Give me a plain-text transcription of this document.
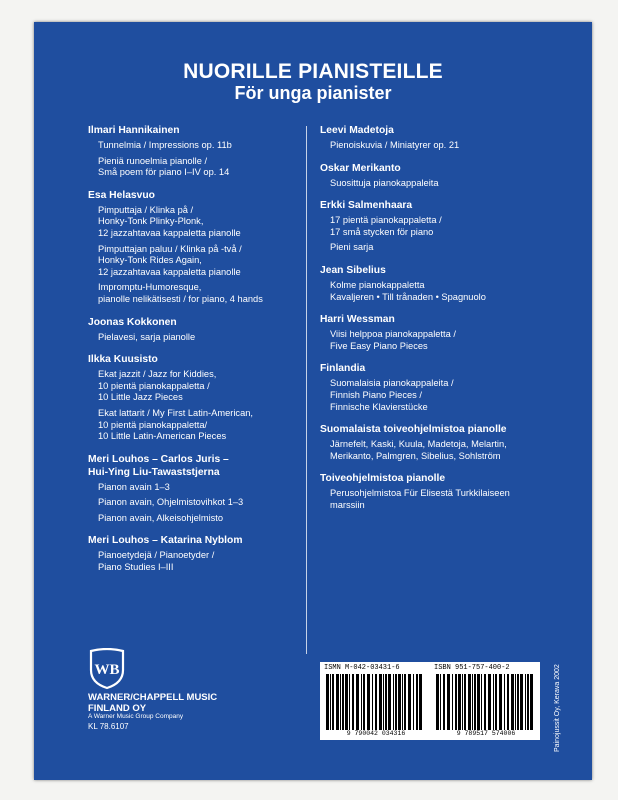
NUORILLE PIANISTEILLE
För unga pianister
Ilmari Hannikainen
Tunnelmia / Impressions op. 11b
Pieniä runoelmia pianolle /
Små poem för piano I–IV op. 14
Esa Helasvuo
Pimputtaja / Klinka på /
Honky-Tonk Plinky-Plonk,
12 jazzahtavaa kappaletta pianolle
Pimputtajan paluu / Klinka på -två /
Honky-Tonk Rides Again,
12 jazzahtavaa kappaletta pianolle
Impromptu-Humoresque,
pianolle nelikätisesti / for piano, 4 hands
Joonas Kokkonen
Pielavesi, sarja pianolle
Ilkka Kuusisto
Ekat jazzit / Jazz for Kiddies,
10 pientä pianokappaletta /
10 Little Jazz Pieces
Ekat lattarit / My First Latin-American,
10 pientä pianokappaletta/
10 Little Latin-American Pieces
Meri Louhos – Carlos Juris –
Hui-Ying Liu-Tawaststjerna
Pianon avain 1–3
Pianon avain, Ohjelmistovihkot 1–3
Pianon avain, Alkeisohjelmisto
Meri Louhos – Katarina Nyblom
Pianoetydejä / Pianoetyder /
Piano Studies I–III
Leevi Madetoja
Pienoiskuvia / Miniatyrer op. 21
Oskar Merikanto
Suosittuja pianokappaleita
Erkki Salmenhaara
17 pientä pianokappaletta /
17 små stycken för piano
Pieni sarja
Jean Sibelius
Kolme pianokappaletta
Kavaljeren • Till trånaden • Spagnuolo
Harri Wessman
Viisi helppoa pianokappaletta /
Five Easy Piano Pieces
Finlandia
Suomalaisia pianokappaleita /
Finnish Piano Pieces /
Finnische Klavierstücke
Suomalaista toiveohjelmistoa pianolle
Järnefelt, Kaski, Kuula, Madetoja, Melartin,
Merikanto, Palmgren, Sibelius, Sohlström
Toiveohjelmistoa pianolle
Perusohjelmistoa Für Elisestä Turkkilaiseen
marssiin
WB
WARNER/CHAPPELL MUSIC
FINLAND OY
A Warner Music Group Company
KL 78.6107
ISMN M-042-03431-6
9 790042 034316
ISBN 951-757-400-2
9 789517 574006	Painojussit Oy, Kerava 2002
